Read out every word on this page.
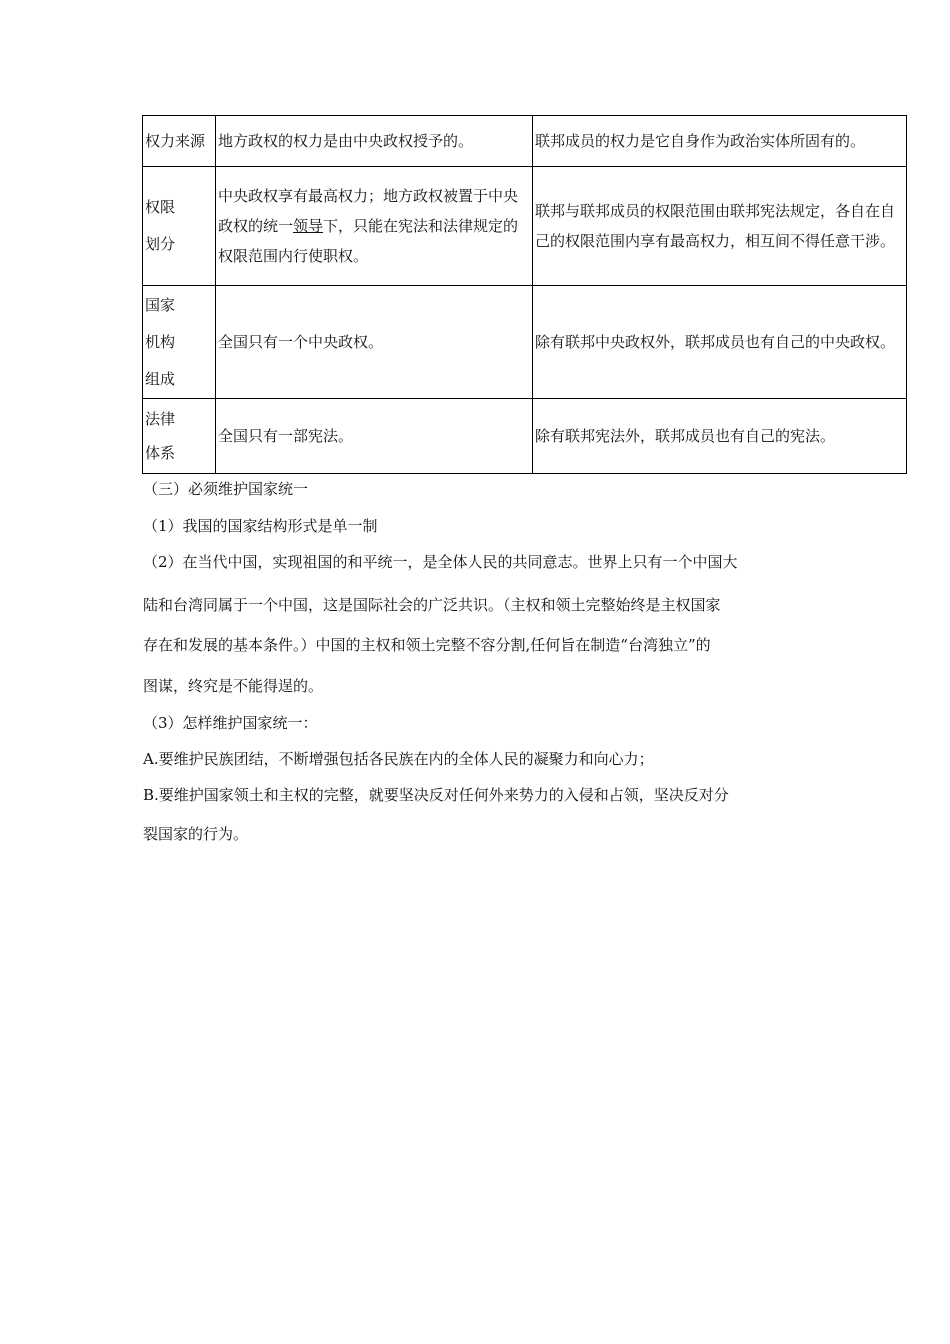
权力来源	地方政权的权力是由中央政权授予的。	联邦成员的权力是它自身作为政治实体所固有的。

权限
划分	中央政权享有最高权力；地方政权被置于中央政权的统一领导下，只能在宪法和法律规定的权限范围内行使职权。	联邦与联邦成员的权限范围由联邦宪法规定，各自在自己的权限范围内享有最高权力，相互间不得任意干涉。

国家
机构
组成	全国只有一个中央政权。	除有联邦中央政权外，联邦成员也有自己的中央政权。

法律
体系	全国只有一部宪法。	除有联邦宪法外，联邦成员也有自己的宪法。
（三）必须维护国家统一
（1）我国的国家结构形式是单一制
（2）在当代中国，实现祖国的和平统一，是全体人民的共同意志。世界上只有一个中国大
陆和台湾同属于一个中国，这是国际社会的广泛共识。（主权和领土完整始终是主权国家
存在和发展的基本条件。）中国的主权和领土完整不容分割,任何旨在制造“台湾独立”的
图谋，终究是不能得逞的。
（3）怎样维护国家统一：
A.要维护民族团结，不断增强包括各民族在内的全体人民的凝聚力和向心力；
B.要维护国家领土和主权的完整，就要坚决反对任何外来势力的入侵和占领，坚决反对分
裂国家的行为。
